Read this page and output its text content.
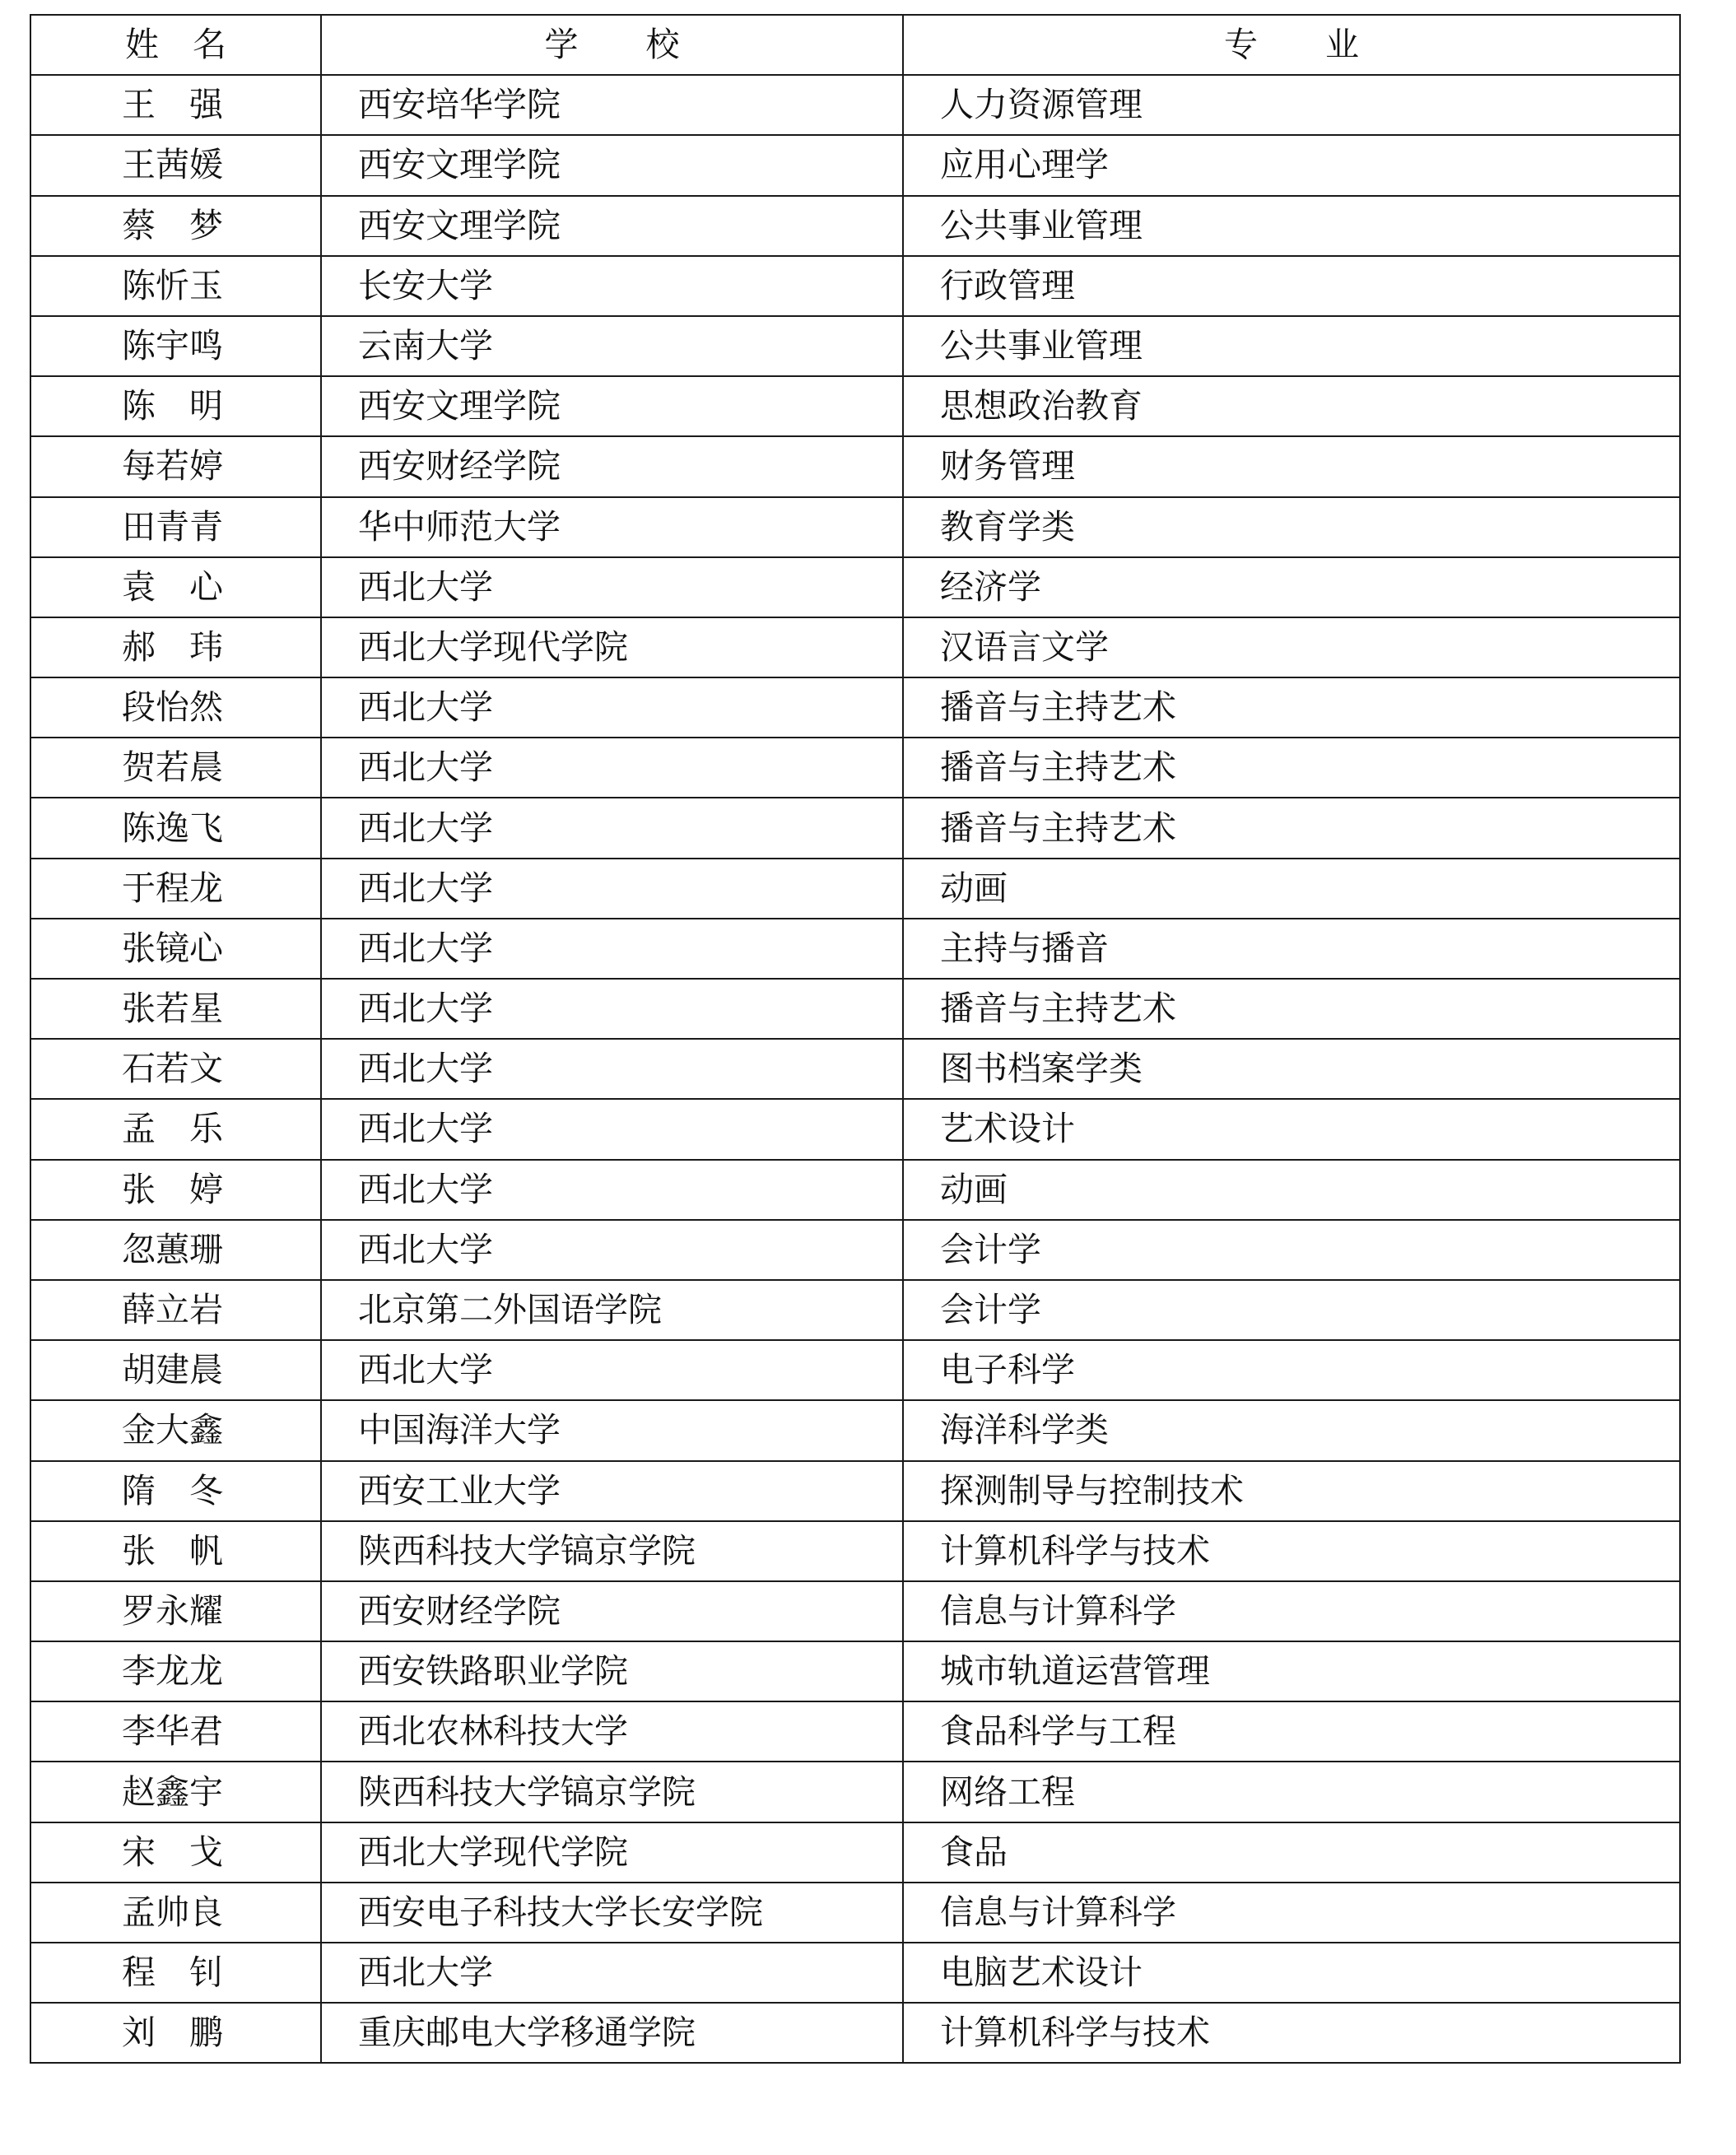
姓　名	学　　校	专　　业
王　强	西安培华学院	人力资源管理
王茜媛	西安文理学院	应用心理学
蔡　梦	西安文理学院	公共事业管理
陈忻玉	长安大学	行政管理
陈宇鸣	云南大学	公共事业管理
陈　明	西安文理学院	思想政治教育
每若婷	西安财经学院	财务管理
田青青	华中师范大学	教育学类
袁　心	西北大学	经济学
郝　玮	西北大学现代学院	汉语言文学
段怡然	西北大学	播音与主持艺术
贺若晨	西北大学	播音与主持艺术
陈逸飞	西北大学	播音与主持艺术
于程龙	西北大学	动画
张镜心	西北大学	主持与播音
张若星	西北大学	播音与主持艺术
石若文	西北大学	图书档案学类
孟　乐	西北大学	艺术设计
张　婷	西北大学	动画
忽蕙珊	西北大学	会计学
薛立岩	北京第二外国语学院	会计学
胡建晨	西北大学	电子科学
金大鑫	中国海洋大学	海洋科学类
隋　冬	西安工业大学	探测制导与控制技术
张　帆	陕西科技大学镐京学院	计算机科学与技术
罗永耀	西安财经学院	信息与计算科学
李龙龙	西安铁路职业学院	城市轨道运营管理
李华君	西北农林科技大学	食品科学与工程
赵鑫宇	陕西科技大学镐京学院	网络工程
宋　戈	西北大学现代学院	食品
孟帅良	西安电子科技大学长安学院	信息与计算科学
程　钊	西北大学	电脑艺术设计
刘　鹏	重庆邮电大学移通学院	计算机科学与技术
